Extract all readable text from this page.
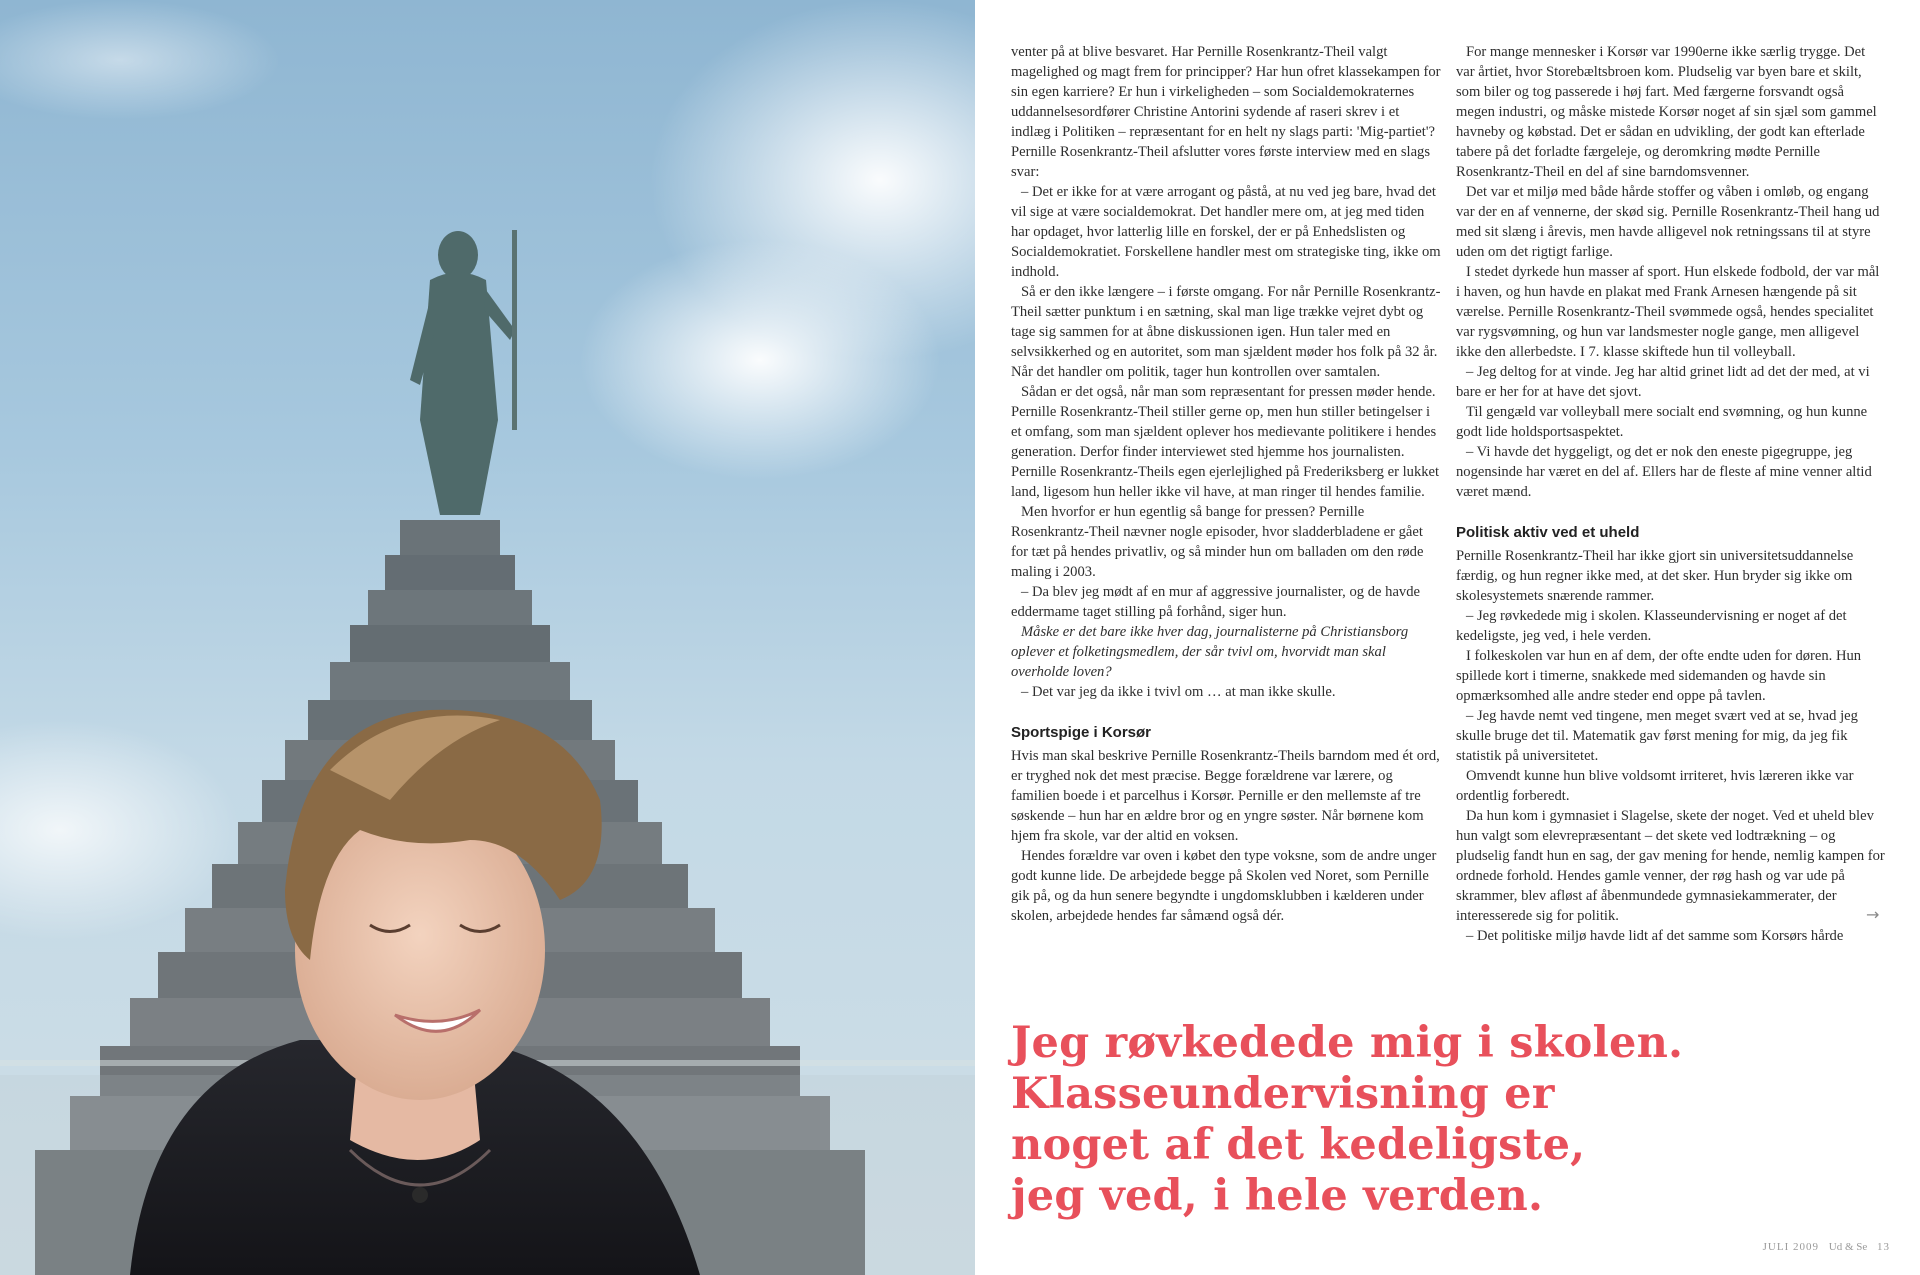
venter på at blive besvaret. Har Pernille Rosenkrantz-Theil valgt magelighed og magt frem for principper? Har hun ofret klassekampen for sin egen karriere? Er hun i virkeligheden – som Socialdemokraternes uddannelsesordfører Christine Antorini sydende af raseri skrev i et indlæg i Politiken – repræsentant for en helt ny slags parti: 'Mig-partiet'? Pernille Rosenkrantz-Theil afslutter vores første interview med en slags svar:

– Det er ikke for at være arrogant og påstå, at nu ved jeg bare, hvad det vil sige at være socialdemokrat. Det handler mere om, at jeg med tiden har opdaget, hvor latterlig lille en forskel, der er på Enhedslisten og Socialdemokratiet. Forskellene handler mest om strategiske ting, ikke om indhold.

Så er den ikke længere – i første omgang. For når Pernille Rosenkrantz-Theil sætter punktum i en sætning, skal man lige trække vejret dybt og tage sig sammen for at åbne diskussionen igen. Hun taler med en selvsikkerhed og en autoritet, som man sjældent møder hos folk på 32 år. Når det handler om politik, tager hun kontrollen over samtalen.

Sådan er det også, når man som repræsentant for pressen møder hende. Pernille Rosenkrantz-Theil stiller gerne op, men hun stiller betingelser i et omfang, som man sjældent oplever hos medievante politikere i hendes generation. Derfor finder interviewet sted hjemme hos journalisten. Pernille Rosenkrantz-Theils egen ejerlejlighed på Frederiksberg er lukket land, ligesom hun heller ikke vil have, at man ringer til hendes familie.

Men hvorfor er hun egentlig så bange for pressen? Pernille Rosenkrantz-Theil nævner nogle episoder, hvor sladderbladene er gået for tæt på hendes privatliv, og så minder hun om balladen om den røde maling i 2003.

– Da blev jeg mødt af en mur af aggressive journalister, og de havde eddermame taget stilling på forhånd, siger hun.

Måske er det bare ikke hver dag, journalisterne på Christiansborg oplever et folketingsmedlem, der sår tvivl om, hvorvidt man skal overholde loven?

– Det var jeg da ikke i tvivl om … at man ikke skulle.

Sportspige i Korsør

Hvis man skal beskrive Pernille Rosenkrantz-Theils barndom med ét ord, er tryghed nok det mest præcise. Begge forældrene var lærere, og familien boede i et parcelhus i Korsør. Pernille er den mellemste af tre søskende – hun har en ældre bror og en yngre søster. Når børnene kom hjem fra skole, var der altid en voksen.

Hendes forældre var oven i købet den type voksne, som de andre unger godt kunne lide. De arbejdede begge på Skolen ved Noret, som Pernille gik på, og da hun senere begyndte i ungdomsklubben i kælderen under skolen, arbejdede hendes far såmænd også dér.

For mange mennesker i Korsør var 1990erne ikke særlig trygge. Det var årtiet, hvor Storebæltsbroen kom. Pludselig var byen bare et skilt, som biler og tog passerede i høj fart. Med færgerne forsvandt også megen industri, og måske mistede Korsør noget af sin sjæl som gammel havneby og købstad. Det er sådan en udvikling, der godt kan efterlade tabere på det forladte færgeleje, og deromkring mødte Pernille Rosenkrantz-Theil en del af sine barndomsvenner.

Det var et miljø med både hårde stoffer og våben i omløb, og engang var der en af vennerne, der skød sig. Pernille Rosenkrantz-Theil hang ud med sit slæng i årevis, men havde alligevel nok retningssans til at styre uden om det rigtigt farlige.

I stedet dyrkede hun masser af sport. Hun elskede fodbold, der var mål i haven, og hun havde en plakat med Frank Arnesen hængende på sit værelse. Pernille Rosenkrantz-Theil svømmede også, hendes specialitet var rygsvømning, og hun var landsmester nogle gange, men alligevel ikke den allerbedste. I 7. klasse skiftede hun til volleyball.

– Jeg deltog for at vinde. Jeg har altid grinet lidt ad det der med, at vi bare er her for at have det sjovt.

Til gengæld var volleyball mere socialt end svømning, og hun kunne godt lide holdsportsaspektet.

– Vi havde det hyggeligt, og det er nok den eneste pigegruppe, jeg nogensinde har været en del af. Ellers har de fleste af mine venner altid været mænd.

Politisk aktiv ved et uheld

Pernille Rosenkrantz-Theil har ikke gjort sin universitetsuddannelse færdig, og hun regner ikke med, at det sker. Hun bryder sig ikke om skolesystemets snærende rammer.

– Jeg røvkedede mig i skolen. Klasseundervisning er noget af det kedeligste, jeg ved, i hele verden.

I folkeskolen var hun en af dem, der ofte endte uden for døren. Hun spillede kort i timerne, snakkede med sidemanden og havde sin opmærksomhed alle andre steder end oppe på tavlen.

– Jeg havde nemt ved tingene, men meget svært ved at se, hvad jeg skulle bruge det til. Matematik gav først mening for mig, da jeg fik statistik på universitetet.

Omvendt kunne hun blive voldsomt irriteret, hvis læreren ikke var ordentlig forberedt.

Da hun kom i gymnasiet i Slagelse, skete der noget. Ved et uheld blev hun valgt som elevrepræsentant – det skete ved lodtrækning – og pludselig fandt hun en sag, der gav mening for hende, nemlig kampen for ordnede forhold. Hendes gamle venner, der røg hash og var ude på skrammer, blev afløst af åbenmundede gymnasiekammerater, der interesserede sig for politik.

– Det politiske miljø havde lidt af det samme som Korsørs hårde

→
Jeg røvkedede mig i skolen.
Klasseundervisning er
noget af det kedeligste,
jeg ved, i hele verden.
JULI 2009 Ud & Se 13
